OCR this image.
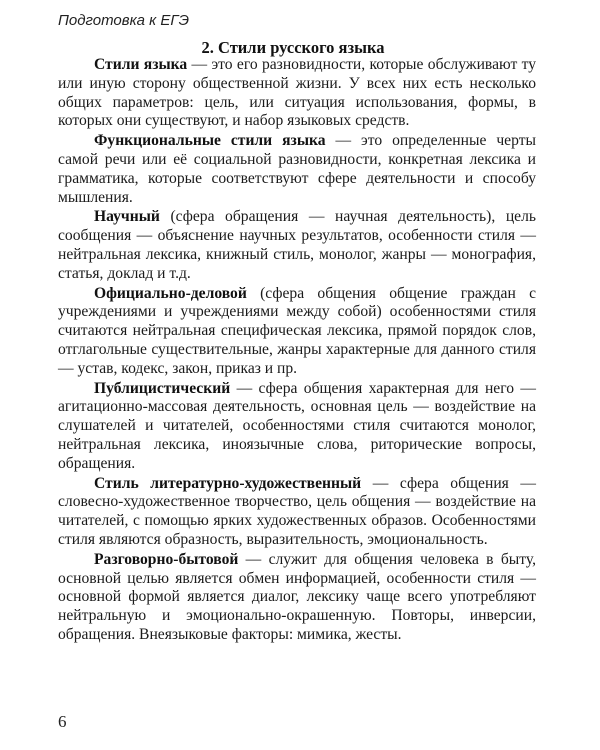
Подготовка к ЕГЭ
2. Стили русского языка

Стили языка — это его разновидности, которые обслуживают ту или иную сторону общественной жизни. У всех них есть несколько общих параметров: цель, или ситуация использования, формы, в которых они существуют, и набор языковых средств.

Функциональные стили языка — это определенные черты самой речи или её социальной разновидности, конкретная лексика и грамматика, которые соответствуют сфере деятельности и способу мышления.

Научный (сфера обращения — научная деятельность), цель сообщения — объяснение научных результатов, особенности стиля — нейтральная лексика, книжный стиль, монолог, жанры — монография, статья, доклад и т.д.

Официально-деловой (сфера общения общение граждан с учреждениями и учреждениями между собой) особенностями стиля считаются нейтральная специфическая лексика, прямой порядок слов, отглагольные существительные, жанры характерные для данного стиля — устав, кодекс, закон, приказ и пр.

Публицистический — сфера общения характерная для него — агитационно-массовая деятельность, основная цель — воздействие на слушателей и читателей, особенностями стиля считаются монолог, нейтральная лексика, иноязычные слова, риторические вопросы, обращения.

Стиль литературно-художественный — сфера общения — словесно-художественное творчество, цель общения — воздействие на читателей, с помощью ярких художественных образов. Особенностями стиля являются образность, выразительность, эмоциональность.

Разговорно-бытовой — служит для общения человека в быту, основной целью является обмен информацией, особенности стиля — основной формой является диалог, лексику чаще всего употребляют нейтральную и эмоционально-окрашенную. Повторы, инверсии, обращения. Внеязыковые факторы: мимика, жесты.

6
